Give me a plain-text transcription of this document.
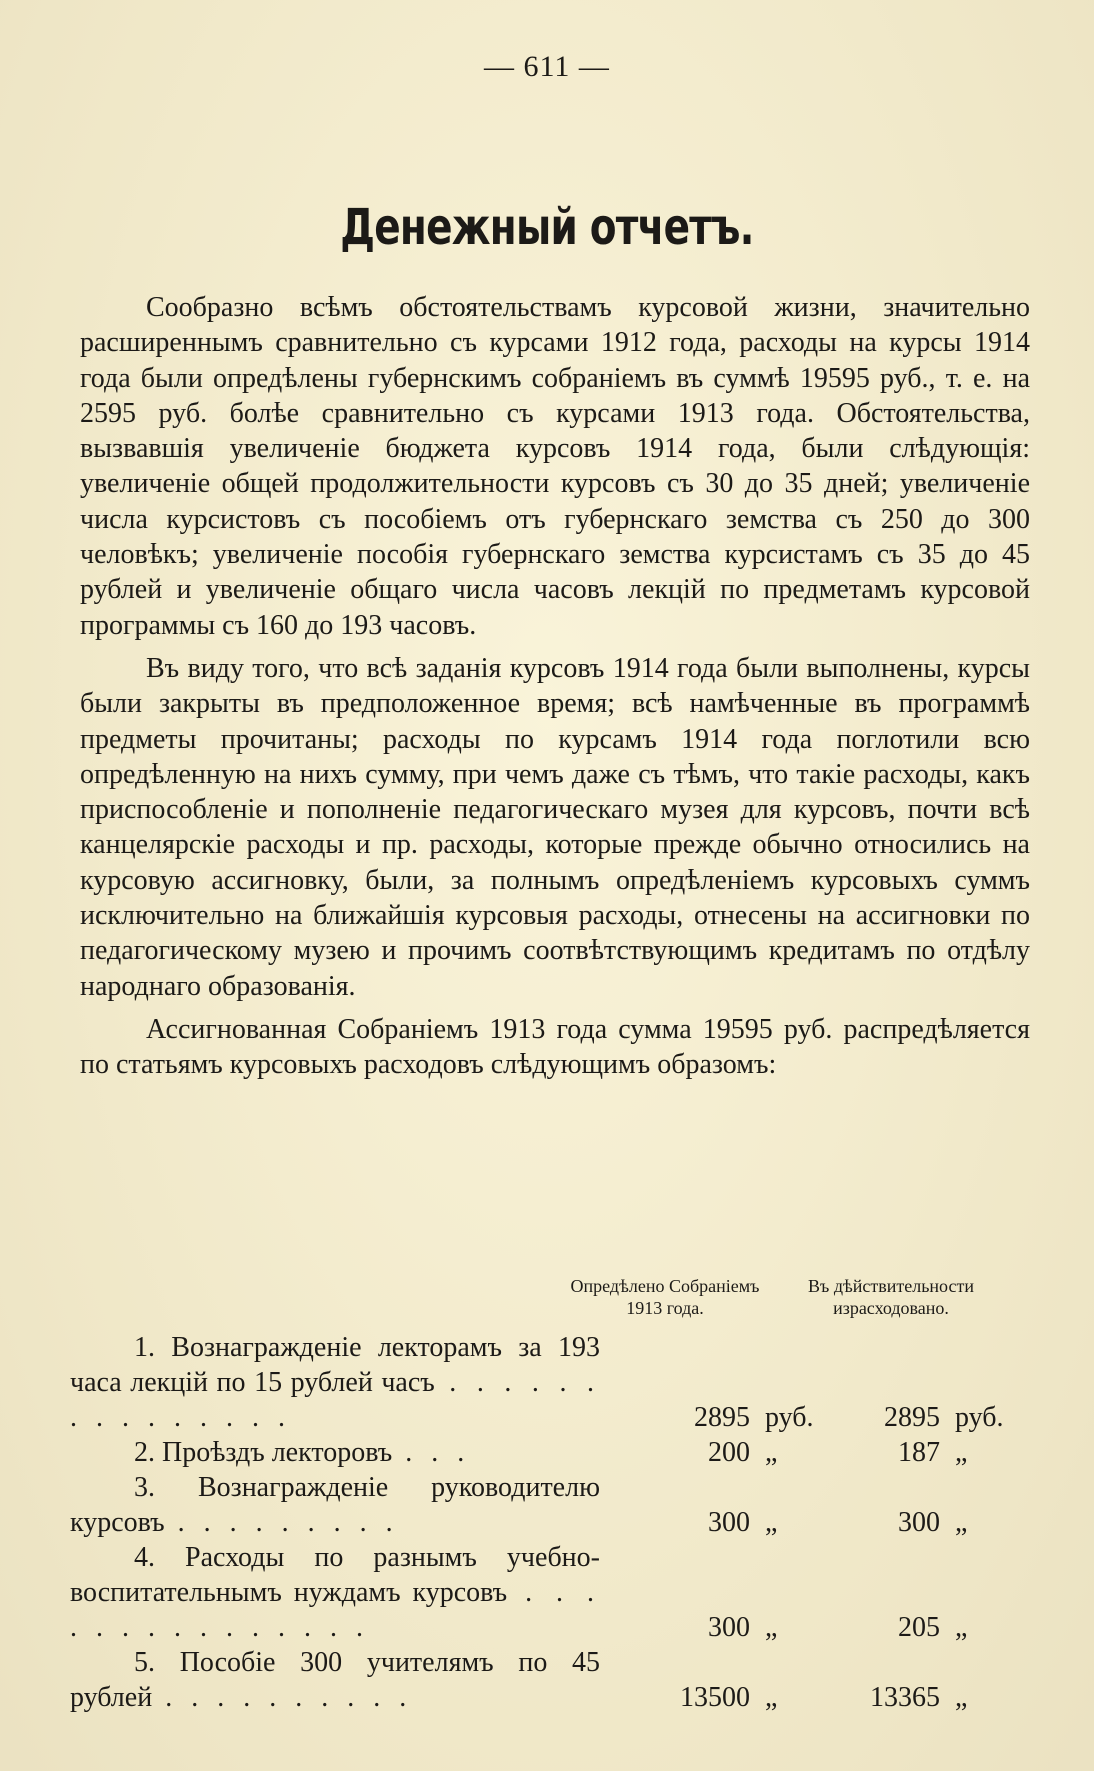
— 611 —
Денежный отчетъ.

Сообразно всѣмъ обстоятельствамъ курсовой жизни, значительно расширеннымъ сравнительно съ курсами 1912 года, расходы на курсы 1914 года были опредѣлены губернскимъ собраніемъ въ суммѣ 19595 руб., т. е. на 2595 руб. болѣе сравнительно съ курсами 1913 года. Обстоятельства, вызвавшія увеличеніе бюджета курсовъ 1914 года, были слѣдующія: увеличеніе общей продолжительности курсовъ съ 30 до 35 дней; увеличеніе числа курсистовъ съ пособіемъ отъ губернскаго земства съ 250 до 300 человѣкъ; увеличеніе пособія губернскаго земства курсистамъ съ 35 до 45 рублей и увеличеніе общаго числа часовъ лекцій по предметамъ курсовой программы съ 160 до 193 часовъ.

Въ виду того, что всѣ заданія курсовъ 1914 года были выполнены, курсы были закрыты въ предположенное время; всѣ намѣченные въ программѣ предметы прочитаны; расходы по курсамъ 1914 года поглотили всю опредѣленную на нихъ сумму, при чемъ даже съ тѣмъ, что такіе расходы, какъ приспособленіе и пополненіе педагогическаго музея для курсовъ, почти всѣ канцелярскіе расходы и пр. расходы, которые прежде обычно относились на курсовую ассигновку, были, за полнымъ опредѣленіемъ курсовыхъ суммъ исключительно на ближайшія курсовыя расходы, отнесены на ассигновки по педагогическому музею и прочимъ соотвѣтствующимъ кредитамъ по отдѣлу народнаго образованія.

Ассигнованная Собраніемъ 1913 года сумма 19595 руб. распредѣляется по статьямъ курсовыхъ расходовъ слѣдующимъ образомъ:

Опредѣлено Собраніемъ 1913 года.
Въ дѣйствительности израсходовано.
1. Вознагражденіе лекторамъ за 193 часа лекцій по 15 рублей часъ . . . . . . . . . . . . . . .	2895 руб.	2895 руб.
2. Проѣздъ лекторовъ . . .	200 „	187 „
3. Вознагражденіе руководителю курсовъ . . . . . . . . .	300 „	300 „
4. Расходы по разнымъ учебно-воспитательнымъ нуждамъ курсовъ . . . . . . . . . . . . . . .	300 „	205 „
5. Пособіе 300 учителямъ по 45 рублей . . . . . . . . . .	13500 „	13365 „
